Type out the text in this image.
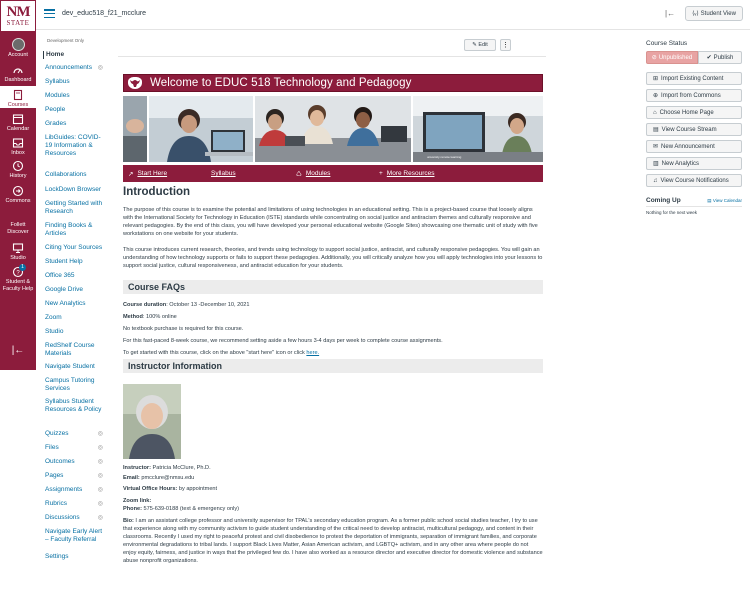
NM
STATE
Account
Dashboard
Courses
Calendar
Inbox
History
Commons
Follett Discover
Studio
?
1
Student & Faculty Help
|←
dev_educ518_f21_mcclure	|←	⟨ᵥ⟩ Student View
Development Only
Home
Announcements ◎
Syllabus
Modules
People
Grades
LibGuides: COVID-19 Information & Resources
Collaborations
LockDown Browser
Getting Started with Research
Finding Books & Articles
Citing Your Sources
Student Help
Office 365
Google Drive
New Analytics
Zoom
Studio
RedShelf Course Materials
Navigate Student
Campus Tutoring Services
Syllabus Student Resources & Policy
Quizzes	◎
Files	◎
Outcomes	◎
Pages	◎
Assignments	◎
Rubrics	◎
Discussions	◎
Navigate Early Alert – Faculty Referral
Settings
✎ Edit ⋮
Welcome to EDUC 518 Technology and Pedagogy
university remote learning
↗ Start Here	Syllabus	♺ Modules	+ More Resources
Introduction

The purpose of this course is to examine the potential and limitations of using technologies in an educational setting. This is a project-based course that loosely aligns with the International Society for Technology in Education (ISTE) standards while concentrating on social justice and antiracism themes and culturally responsive and relevant pedagogies. By the end of this class, you will have developed your personal educational website (Google Sites) showcasing one thematic unit of study with five workstations on one website for your students.

This course introduces current research, theories, and trends using technology to support social justice, antiracist, and culturally responsive pedagogies. You will gain an understanding of how technology supports or fails to support these pedagogies. Additionally, you will critically analyze how you will apply technologies into your lessons to support social justice, cultural responsiveness, and antiracist education for your students.

Course FAQs
Course duration: October 13 -December 10, 2021
Method: 100% online
No textbook purchase is required for this course.
For this fast-paced 8-week course, we recommend setting aside a few hours 3-4 days per week to complete course assignments.
To get started with this course, click on the above "start here" icon or click here.
Instructor Information
Instructor: Patricia McClure, Ph.D.
Email: pmcclure@nmsu.edu
Virtual Office Hours: by appointment
Zoom link:
Phone: 575-639-0188 (text & emergency only)

Bio: I am an assistant college professor and university supervisor for TPAL's secondary education program. As a former public school social studies teacher, I try to use that experience along with my community activism to guide student understanding of the critical need to develop antiracist, multicultural pedagogy, and content in their classrooms. Recently I used my right to peaceful protest and civil disobedience to protest the deportation of immigrants, separation of immigrant families, and corporate environmental degradations to tribal lands. I support Black Lives Matter, Asian American activism, and LGBTQ+ activism, and in any other area where people do not enjoy equity, fairness, and justice in ways that the privileged few do. I have also worked as a resource director and executive director for domestic violence and substance abuse nonprofit organizations.

Course Status
⊘ Unpublished ✔ Publish
⊞ Import Existing Content
⊕ Import from Commons
⌂ Choose Home Page
▤ View Course Stream
✉ New Announcement
▥ New Analytics
♫ View Course Notifications
Coming Up	▤ View Calendar
Nothing for the next week
